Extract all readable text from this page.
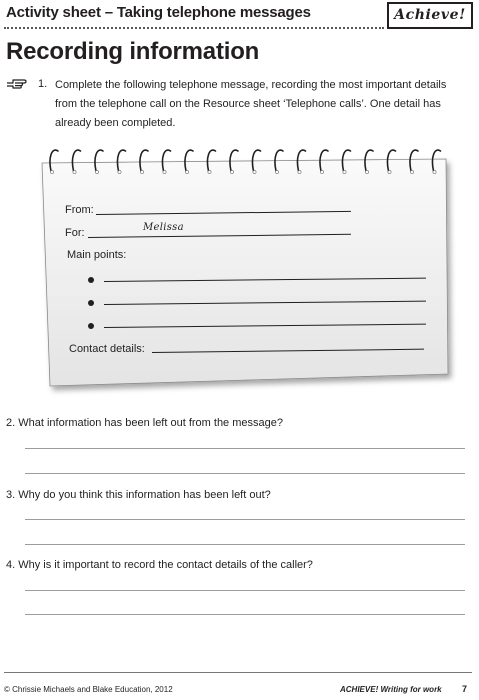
Activity sheet – Taking telephone messages	Achieve!
Recording information
1. Complete the following telephone message, recording the most important details from the telephone call on the Resource sheet ‘Telephone calls’. One detail has already been completed.
From:
For:	Melissa
Main points:
Contact details:
2. What information has been left out from the message?
3. Why do you think this information has been left out?
4. Why is it important to record the contact details of the caller?
© Chrissie Michaels and Blake Education, 2012	ACHIEVE! Writing for work 7
